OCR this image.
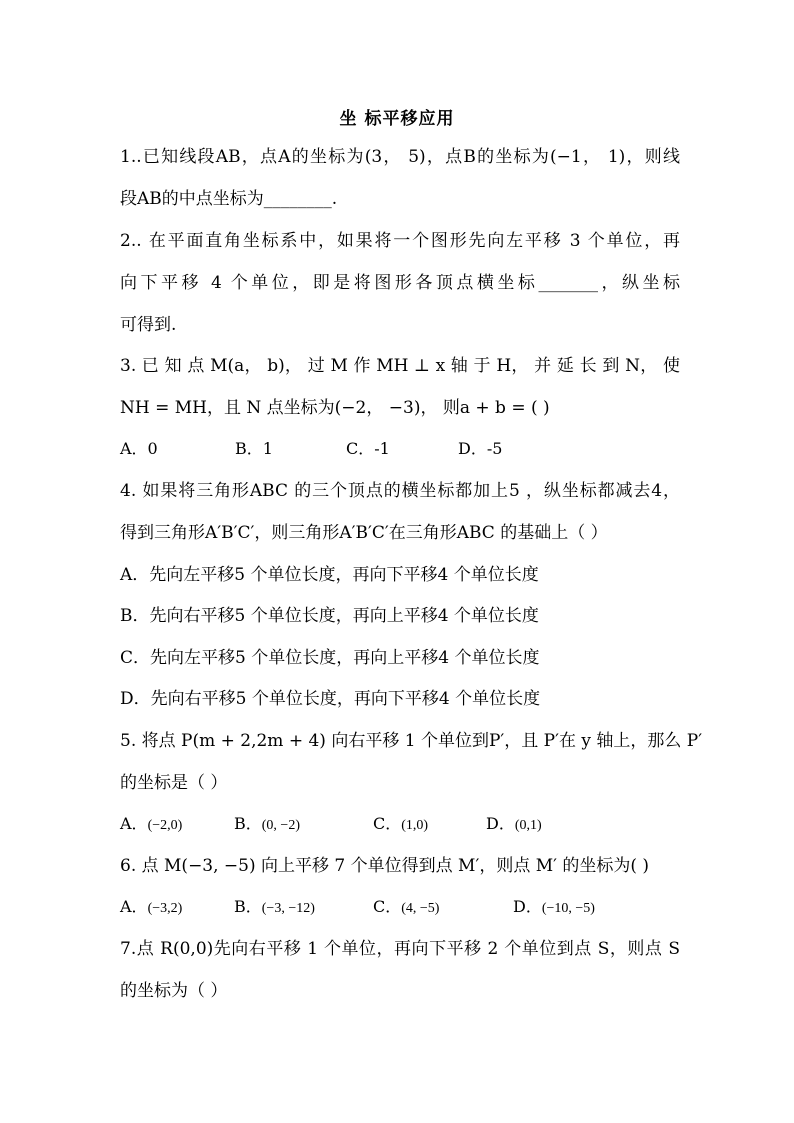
坐 标平移应用
1..已知线段AB，点A的坐标为(3， 5)，点B的坐标为(−1， 1)，则线
段AB的中点坐标为________.
2.. 在平面直角坐标系中，如果将一个图形先向左平移 3 个单位，再
向下平移 4 个单位，即是将图形各顶点横坐标_______，纵坐标
可得到.
3. 已 知 点 M(a， b)， 过 M 作 MH ⊥ x 轴 于 H， 并 延 长 到 N， 使
NH = MH，且 N 点坐标为(−2， −3)， 则a + b = ( )
A．0	B．1	C．-1	D．-5
4. 如果将三角形ABC 的三个顶点的横坐标都加上5 ，纵坐标都减去4，
得到三角形A′B′C′，则三角形A′B′C′在三角形ABC 的基础上（ ）
A．先向左平移5 个单位长度，再向下平移4 个单位长度
B．先向右平移5 个单位长度，再向上平移4 个单位长度
C．先向左平移5 个单位长度，再向上平移4 个单位长度
D．先向右平移5 个单位长度，再向下平移4 个单位长度
5. 将点 P(m + 2,2m + 4) 向右平移 1 个单位到P′，且 P′在 y 轴上，那么 P′
的坐标是（ ）
A．(−2,0)	B．(0, −2)	C．(1,0)	D．(0,1)
6. 点 M(−3, −5) 向上平移 7 个单位得到点 M′，则点 M′ 的坐标为( )
A．(−3,2)	B．(−3, −12)	C．(4, −5)	D．(−10, −5)
7.点 R(0,0)先向右平移 1 个单位，再向下平移 2 个单位到点 S，则点 S
的坐标为（ ）
